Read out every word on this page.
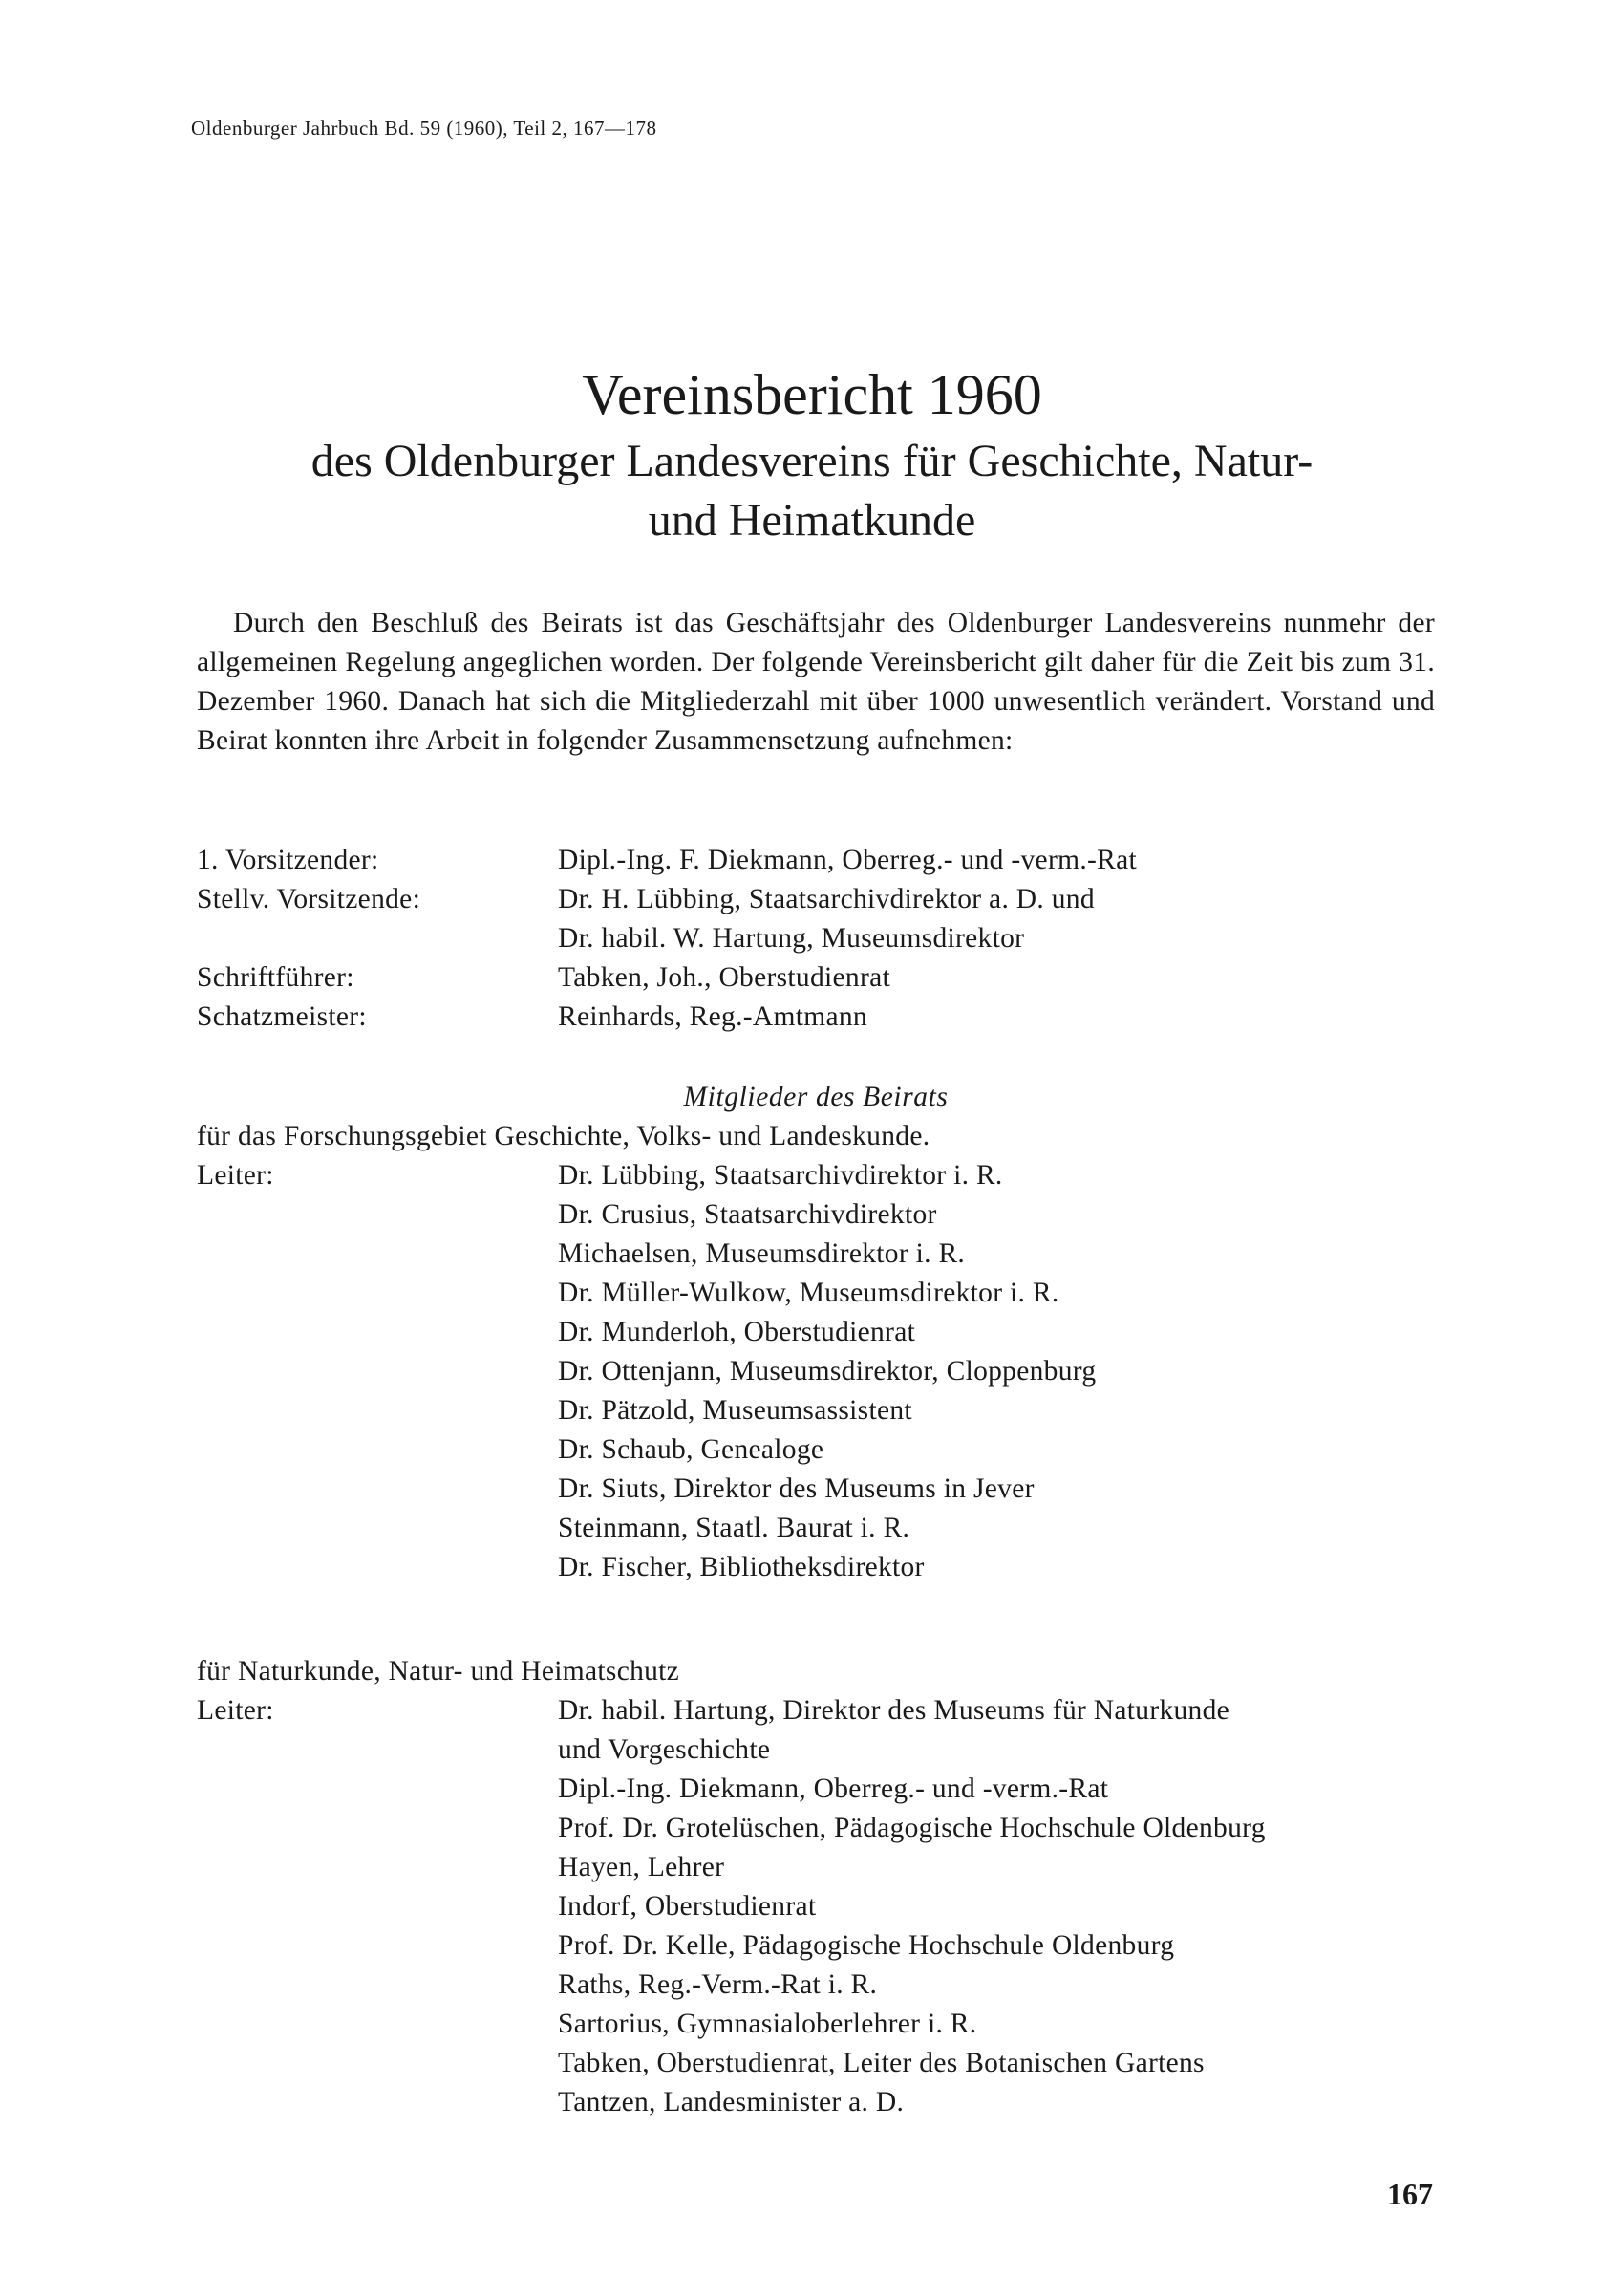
Oldenburger Jahrbuch Bd. 59 (1960), Teil 2, 167—178
Vereinsbericht 1960
des Oldenburger Landesvereins für Geschichte, Natur-
und Heimatkunde

Durch den Beschluß des Beirats ist das Geschäftsjahr des Oldenburger Landesvereins nunmehr der allgemeinen Regelung angeglichen worden. Der folgende Vereinsbericht gilt daher für die Zeit bis zum 31. Dezember 1960. Danach hat sich die Mitgliederzahl mit über 1000 unwesentlich verändert. Vorstand und Beirat konnten ihre Arbeit in folgender Zusammensetzung aufnehmen:

1. Vorsitzender:	Dipl.-Ing. F. Diekmann, Oberreg.- und -verm.-Rat
Stellv. Vorsitzende:	Dr. H. Lübbing, Staatsarchivdirektor a. D. und
Dr. habil. W. Hartung, Museumsdirektor
Schriftführer:	Tabken, Joh., Oberstudienrat
Schatzmeister:	Reinhards, Reg.-Amtmann
Mitglieder des Beirats
für das Forschungsgebiet Geschichte, Volks- und Landeskunde.
Leiter:	Dr. Lübbing, Staatsarchivdirektor i. R.
Dr. Crusius, Staatsarchivdirektor
Michaelsen, Museumsdirektor i. R.
Dr. Müller-Wulkow, Museumsdirektor i. R.
Dr. Munderloh, Oberstudienrat
Dr. Ottenjann, Museumsdirektor, Cloppenburg
Dr. Pätzold, Museumsassistent
Dr. Schaub, Genealoge
Dr. Siuts, Direktor des Museums in Jever
Steinmann, Staatl. Baurat i. R.
Dr. Fischer, Bibliotheksdirektor
für Naturkunde, Natur- und Heimatschutz
Leiter:	Dr. habil. Hartung, Direktor des Museums für Naturkunde
und Vorgeschichte
Dipl.-Ing. Diekmann, Oberreg.- und -verm.-Rat
Prof. Dr. Grotelüschen, Pädagogische Hochschule Oldenburg
Hayen, Lehrer
Indorf, Oberstudienrat
Prof. Dr. Kelle, Pädagogische Hochschule Oldenburg
Raths, Reg.-Verm.-Rat i. R.
Sartorius, Gymnasialoberlehrer i. R.
Tabken, Oberstudienrat, Leiter des Botanischen Gartens
Tantzen, Landesminister a. D.
167
